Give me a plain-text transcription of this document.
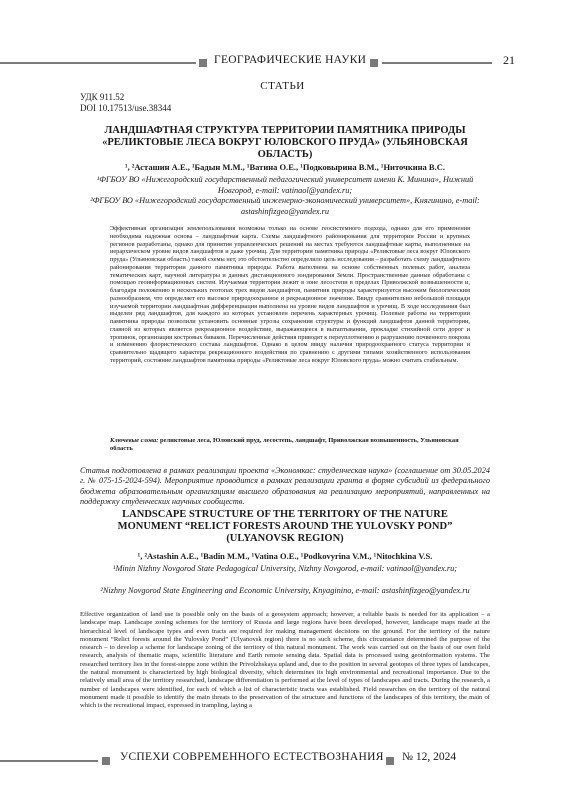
ГЕОГРАФИЧЕСКИЕ НАУКИ	21
СТАТЬИ
УДК 911.52
DOI 10.17513/use.38344
ЛАНДШАФТНАЯ СТРУКТУРА ТЕРРИТОРИИ ПАМЯТНИКА ПРИРОДЫ «РЕЛИКТОВЫЕ ЛЕСА ВОКРУГ ЮЛОВСКОГО ПРУДА» (УЛЬЯНОВСКАЯ ОБЛАСТЬ)
¹, ²Асташин А.Е., ¹Бадын М.М., ¹Ватина О.Е., ¹Подковырина В.М., ¹Ниточкина В.С.
¹ФГБОУ ВО «Нижегородский государственный педагогический университет имени К. Минина», Нижний Новгород, e-mail: vatinaol@yandex.ru;
²ФГБОУ ВО «Нижегородский государственный инженерно-экономический университет», Княгинино, e-mail: astashinfizgeo@yandex.ru

Эффективная организация землепользования возможна только на основе геосистемного подхода, однако для его применения необходима надежная основа – ландшафтная карта. Схемы ландшафтного районирования для территории России и крупных регионов разработаны, однако для принятия управленческих решений на местах требуются ландшафтные карты, выполненные на иерархическом уровне видов ландшафтов и даже урочищ. Для территории памятника природы «Реликтовые леса вокруг Юловского пруда» (Ульяновская область) такой схемы нет, это обстоятельство определило цель исследования – разработать схему ландшафтного районирования территории данного памятника природы. Работа выполнена на основе собственных полевых работ, анализа тематических карт, научной литературы и данных дистанционного зондирования Земли. Пространственные данные обработаны с помощью геоинформационных систем. Изучаемая территория лежит в зоне лесостепи в пределах Приволжской возвышенности и, благодаря положению в нескольких геотопах трех видов ландшафтов, памятник природы характеризуется высоким биологическим разнообразием, что определяет его высокое природоохранное и рекреационное значение. Ввиду сравнительно небольшой площади изучаемой территории ландшафтная дифференциация выполнена на уровне видов ландшафтов и урочищ. В ходе исследования был выделен ряд ландшафтов, для каждого из которых установлен перечень характерных урочищ. Полевые работы на территории памятника природы позволили установить основные угрозы сохранения структуры и функций ландшафтов данной территории, главной из которых является рекреационное воздействие, выражающееся в вытаптывании, прокладке стихийной сети дорог и тропинок, организации костровых биваков. Перечисленные действия приводят к переуплотнению и разрушению почвенного покрова и изменению флористического состава ландшафтов. Однако в целом ввиду наличия природоохранного статуса территории и сравнительно щадящего характера рекреационного воздействия по сравнению с другими типами хозяйственного использования территорий, состояние ландшафтов памятника природы «Реликтовые леса вокруг Юловского пруда» можно считать стабильным.

Ключевые слова: реликтовые леса, Юловский пруд, лесостепь, ландшафт, Приволжская возвышенность, Ульяновская область

Статья подготовлена в рамках реализации проекта «Экономкас: студенческая наука» (соглашение от 30.05.2024 г. № 075-15-2024-594). Мероприятие проводится в рамках реализации гранта в форме субсидий из федерального бюджета образовательным организациям высшего образования на реализацию мероприятий, направленных на поддержку студенческих научных сообществ.

LANDSCAPE STRUCTURE OF THE TERRITORY OF THE NATURE MONUMENT “RELICT FORESTS AROUND THE YULOVSKY POND” (ULYANOVSK REGION)
¹, ²Astashin A.E., ¹Badin M.M., ¹Vatina O.E., ¹Podkovyrina V.M., ¹Nitochkina V.S.
¹Minin Nizhny Novgorod State Pedagogical University, Nizhny Novgorod, e-mail: vatinaol@yandex.ru;
²Nizhny Novgorod State Engineering and Economic University, Knyaginino, e-mail: astashinfizgeo@yandex.ru

Effective organization of land use is possible only on the basis of a geosystem approach; however, a reliable basis is needed for its application – a landscape map. Landscape zoning schemes for the territory of Russia and large regions have been developed, however, landscape maps made at the hierarchical level of landscape types and even tracts are required for making management decisions on the ground. For the territory of the nature monument “Relict forests around the Yulovsky Pond” (Ulyanovsk region) there is no such scheme, this circumstance determined the purpose of the research – to develop a scheme for landscape zoning of the territory of this natural monument. The work was carried out on the basis of our own field research, analysis of thematic maps, scientific literature and Earth remote sensing data. Spatial data is processed using geoinformation systems. The researched territory lies in the forest-steppe zone within the Privolzhskaya upland and, due to the position in several geotopes of three types of landscapes, the natural monument is characterized by high biological diversity, which determines its high environmental and recreational importance. Due to the relatively small area of the territory researched, landscape differentiation is performed at the level of types of landscapes and tracts. During the research, a number of landscapes were identified, for each of which a list of characteristic tracts was established. Field researches on the territory of the natural monument made it possible to identify the main threats to the preservation of the structure and functions of the landscapes of this territory, the main of which is the recreational impact, expressed in trampling, laying a

УСПЕХИ СОВРЕМЕННОГО ЕСТЕСТВОЗНАНИЯ № 12, 2024
